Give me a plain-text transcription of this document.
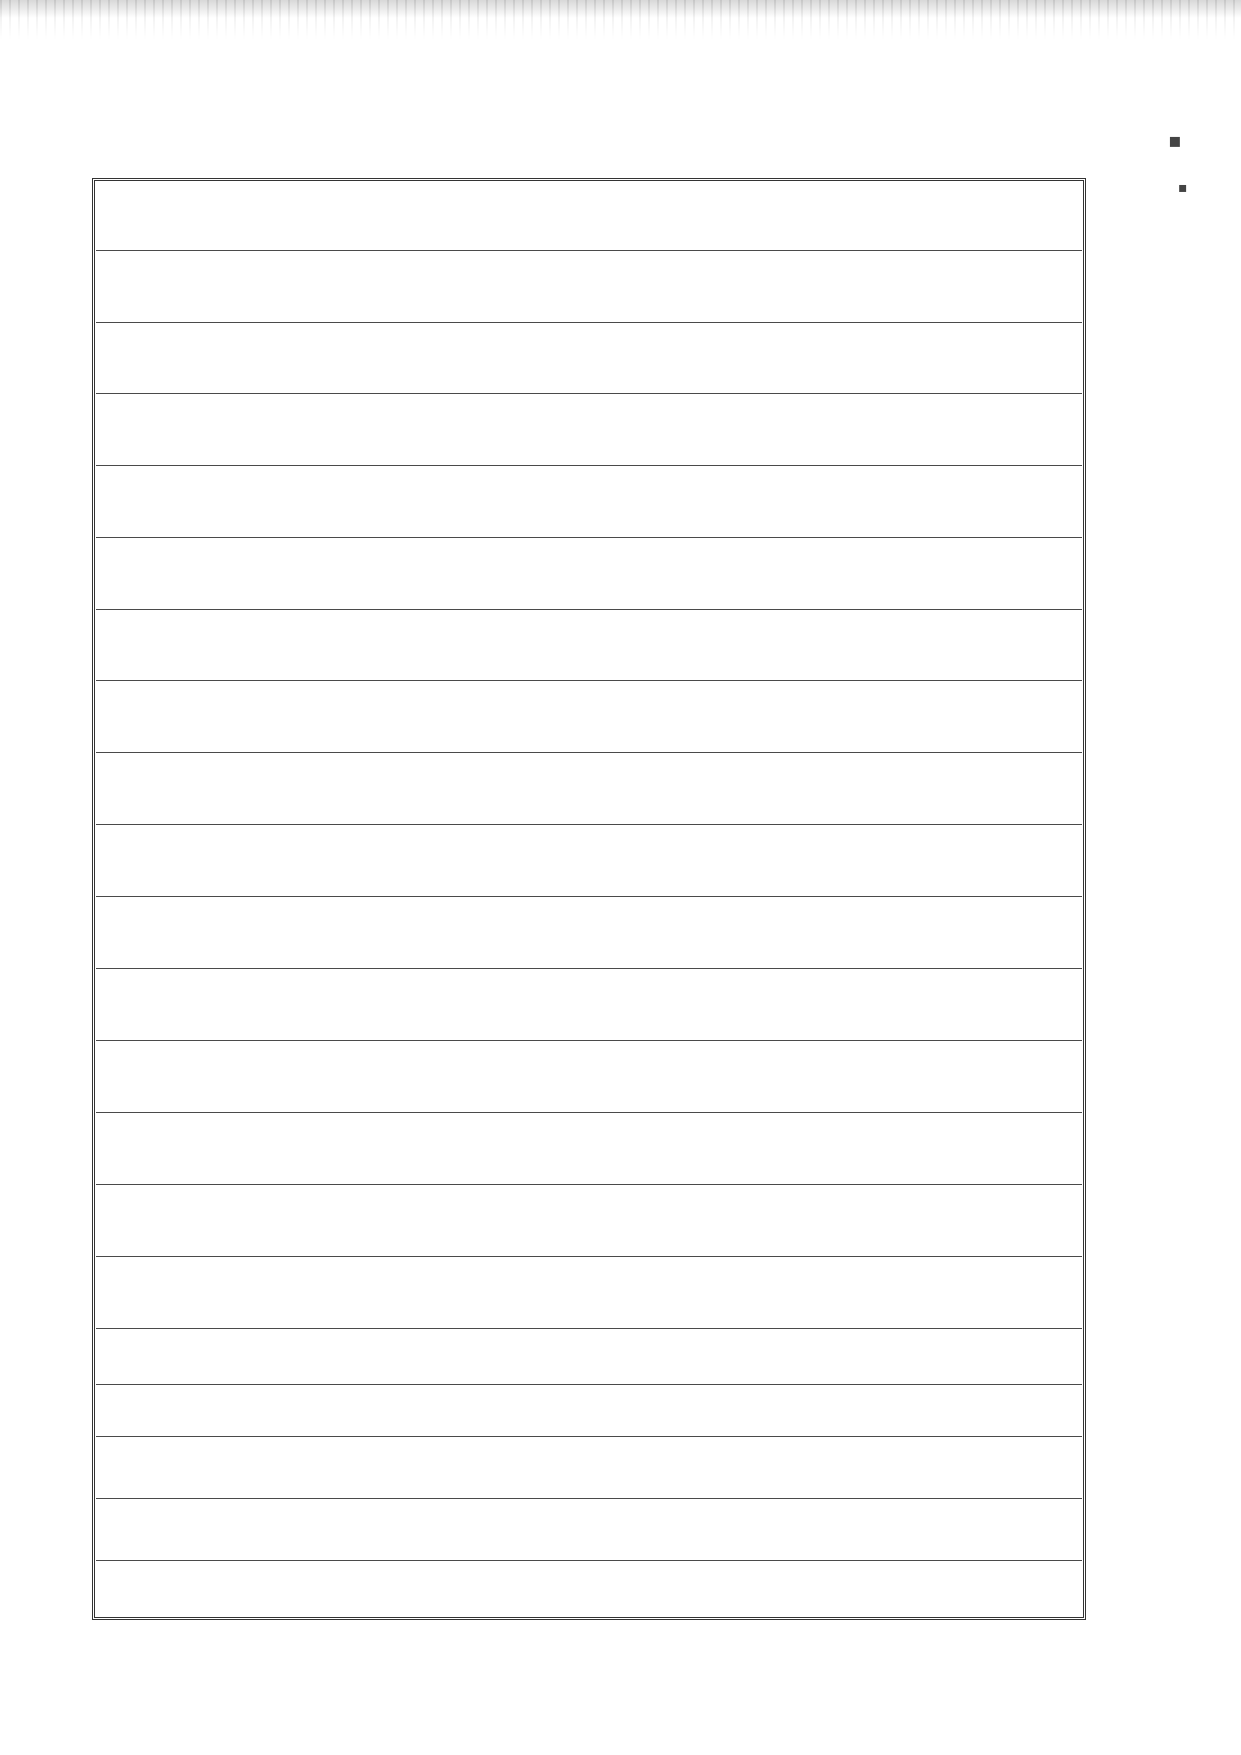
▪
▪
